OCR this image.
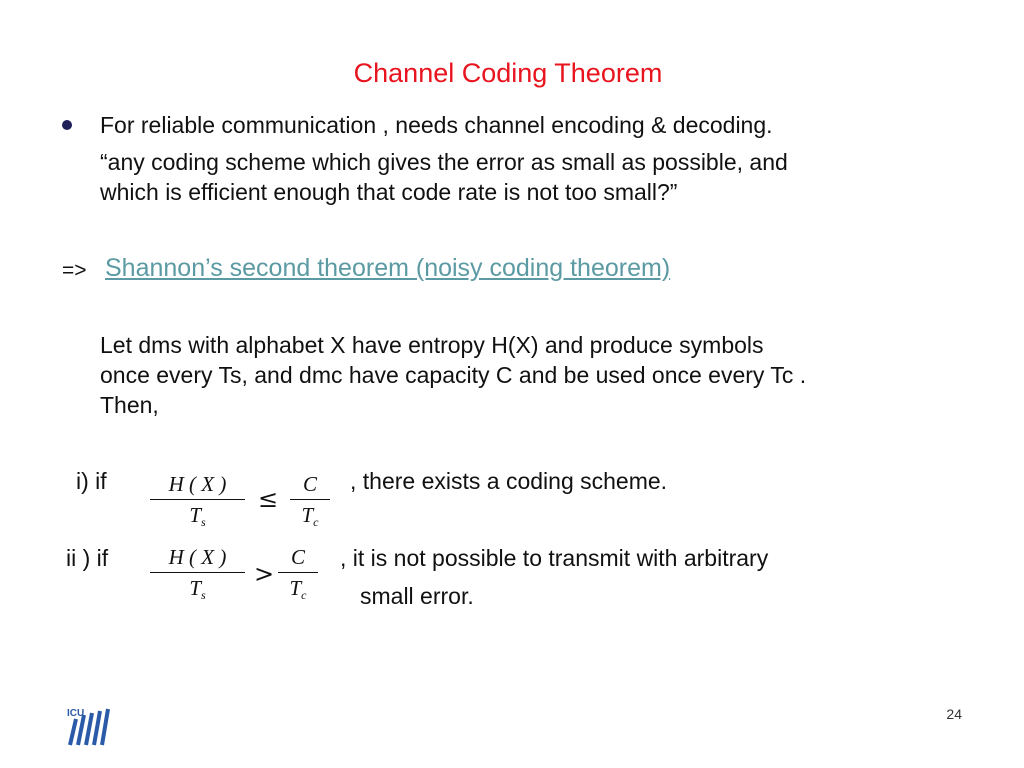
Channel Coding Theorem
For reliable communication , needs channel encoding & decoding.
“any coding scheme which gives the error as small as possible, and
which is efficient enough that code rate is not too small?”
=> Shannon’s second theorem (noisy coding theorem)
Let dms with alphabet X have entropy H(X) and produce symbols
once every Ts, and dmc have capacity C and be used once every Tc .
Then,
i) if	H ( X )
$T_s$
≤
C
$T_c$
, there exists a coding scheme.
ii ) if	H ( X )
$T_s$
>
C
$T_c$
, it is not possible to transmit with arbitrary
small error.
ICU	24
